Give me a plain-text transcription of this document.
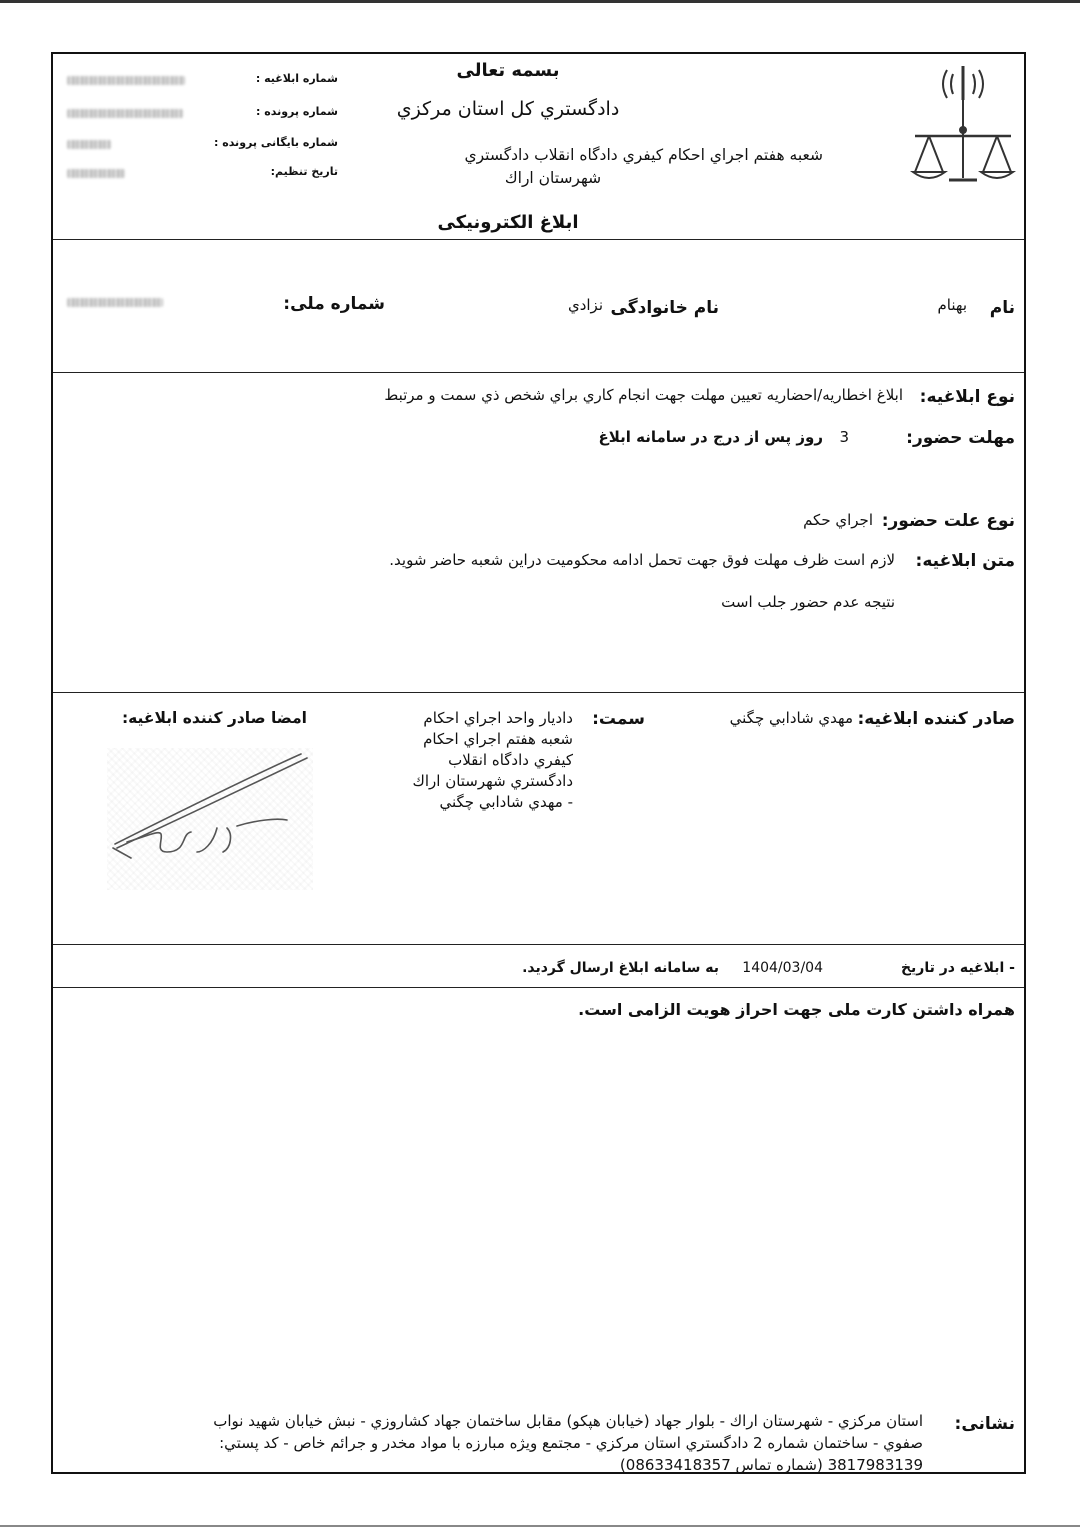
بسمه تعالی
دادگستري كل استان مركزي
شعبه هفتم اجراي احكام كيفري دادگاه انقلاب دادگستري
شهرستان اراك
ابلاغ الکترونیکی
شماره ابلاغیه :
شماره پرونده :
شماره بایگانی پرونده :
تاریخ تنظیم:
نام
بهنام
نام خانوادگی
نزادي
شماره ملی:
نوع ابلاغیه:
ابلاغ اخطاريه/احضاريه تعيين مهلت جهت انجام كاري براي شخص ذي سمت و مرتبط
مهلت حضور:
3
روز پس از درج در سامانه ابلاغ
نوع علت حضور:
اجراي حكم
متن ابلاغیه:
لازم است ظرف مهلت فوق جهت تحمل ادامه محكوميت دراين شعبه حاضر شويد.
نتيجه عدم حضور جلب است
صادر کننده ابلاغیه:
مهدي شادابي چگني
سمت:
داديار واحد اجراي احكام
شعبه هفتم اجراي احكام
كيفري دادگاه انقلاب
دادگستري شهرستان اراك
- مهدي شادابي چگني
امضا صادر کننده ابلاغیه:
- ابلاغیه در تاریخ
1404/03/04
به سامانه ابلاغ ارسال گردید.
همراه داشتن کارت ملی جهت احراز هویت الزامی است.
نشانی:
استان مركزي - شهرستان اراك - بلوار جهاد (خيابان هپكو) مقابل ساختمان جهاد كشاروزي - نبش خيابان شهيد نواب
صفوي - ساختمان شماره 2 دادگستري استان مركزي - مجتمع ويژه مبارزه با مواد مخدر و جرائم خاص - كد پستي:
3817983139 (شماره تماس 08633418357)
